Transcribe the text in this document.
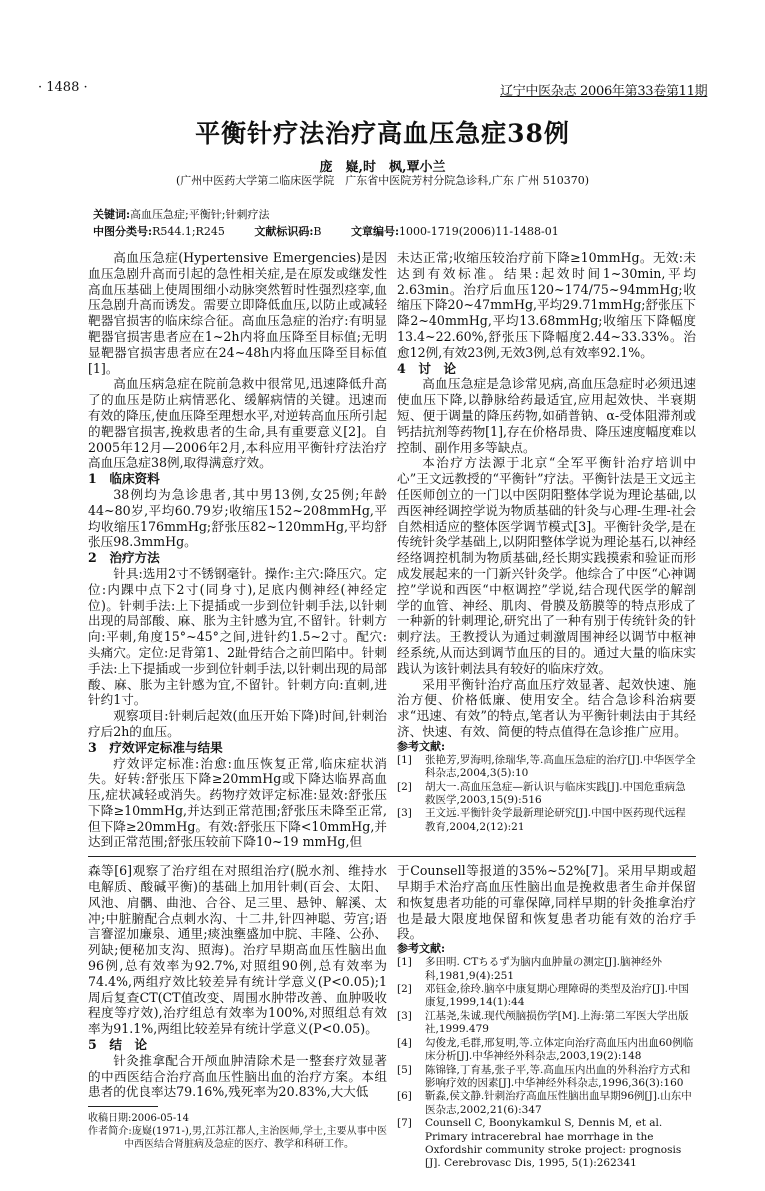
· 1488 ·	辽宁中医杂志 2006年第33卷第11期
平衡针疗法治疗高血压急症38例
庞　嶷,时　枫,覃小兰
(广州中医药大学第二临床医学院　广东省中医院芳村分院急诊科,广东 广州 510370)
关键词:高血压急症;平衡针;针刺疗法
中图分类号:R544.1;R245	文献标识码:B	文章编号:1000-1719(2006)11-1488-01

高血压急症(Hypertensive Emergencies)是因血压急剧升高而引起的急性相关症,是在原发或继发性高血压基础上使周围细小动脉突然暂时性强烈痉挛,血压急剧升高而诱发。需要立即降低血压,以防止或减轻靶器官损害的临床综合征。高血压急症的治疗:有明显靶器官损害患者应在1~2h内将血压降至目标值;无明显靶器官损害患者应在24~48h内将血压降至目标值[1]。

高血压病急症在院前急救中很常见,迅速降低升高了的血压是防止病情恶化、缓解病情的关键。迅速而有效的降压,使血压降至理想水平,对逆转高血压所引起的靶器官损害,挽救患者的生命,具有重要意义[2]。自2005年12月—2006年2月,本科应用平衡针疗法治疗高血压急症38例,取得满意疗效。

1　临床资料

38例均为急诊患者,其中男13例,女25例;年龄44~80岁,平均60.79岁;收缩压152~208mmHg,平均收缩压176mmHg;舒张压82~120mmHg,平均舒张压98.3mmHg。

2　治疗方法

针具:选用2寸不锈钢毫针。操作:主穴:降压穴。定位:内踝中点下2寸(同身寸),足底内侧神经(神经定位)。针刺手法:上下提插或一步到位针刺手法,以针刺出现的局部酸、麻、胀为主针感为宜,不留针。针刺方向:平刺,角度15°~45°之间,进针约1.5~2寸。配穴:头痛穴。定位:足背第1、2趾骨结合之前凹陷中。针刺手法:上下提插或一步到位针刺手法,以针刺出现的局部酸、麻、胀为主针感为宜,不留针。针刺方向:直刺,进针约1寸。

观察项目:针刺后起效(血压开始下降)时间,针刺治疗后2h的血压。

3　疗效评定标准与结果

疗效评定标准:治愈:血压恢复正常,临床症状消失。好转:舒张压下降≥20mmHg或下降达临界高血压,症状减轻或消失。药物疗效评定标准:显效:舒张压下降≥10mmHg,并达到正常范围;舒张压未降至正常,但下降≥20mmHg。有效:舒张压下降<10mmHg,并达到正常范围;舒张压较前下降10~19 mmHg,但

未达正常;收缩压较治疗前下降≥10mmHg。无效:未达到有效标准。结果:起效时间1~30min,平均2.63min。治疗后血压120~174/75~94mmHg;收缩压下降20~47mmHg,平均29.71mmHg;舒张压下降2~40mmHg,平均13.68mmHg;收缩压下降幅度13.4~22.60%,舒张压下降幅度2.44~33.33%。治愈12例,有效23例,无效3例,总有效率92.1%。

4　讨　论

高血压急症是急诊常见病,高血压急症时必须迅速使血压下降,以静脉给药最适宜,应用起效快、半衰期短、便于调量的降压药物,如硝普钠、α-受体阻滞剂或钙拮抗剂等药物[1],存在价格昂贵、降压速度幅度难以控制、副作用多等缺点。

本治疗方法源于北京“全军平衡针治疗培训中心”王文远教授的“平衡针”疗法。平衡针法是王文远主任医师创立的一门以中医阴阳整体学说为理论基础,以西医神经调控学说为物质基础的针灸与心理-生理-社会自然相适应的整体医学调节模式[3]。平衡针灸学,是在传统针灸学基础上,以阴阳整体学说为理论基石,以神经经络调控机制为物质基础,经长期实践摸索和验证而形成发展起来的一门新兴针灸学。他综合了中医“心神调控”学说和西医“中枢调控”学说,结合现代医学的解剖学的血管、神经、肌肉、骨膜及筋膜等的特点形成了一种新的针刺理论,研究出了一种有别于传统针灸的针刺疗法。王教授认为通过刺激周围神经以调节中枢神经系统,从而达到调节血压的目的。通过大量的临床实践认为该针刺法具有较好的临床疗效。

采用平衡针治疗高血压疗效显著、起效快速、施治方便、价格低廉、使用安全。结合急诊科治病要求“迅速、有效”的特点,笔者认为平衡针刺法由于其经济、快速、有效、简便的特点值得在急诊推广应用。

参考文献:

[1] 张艳芳,罗海明,徐瑞华,等.高血压急症的治疗[J].中华医学全科杂志,2004,3(5):10

[2] 胡大一.高血压急症—新认识与临床实践[J].中国危重病急救医学,2003,15(9):516

[3] 王文远.平衡针灸学最新理论研究[J].中国中医药现代远程教育,2004,2(12):21

森等[6]观察了治疗组在对照组治疗(脱水剂、维持水电解质、酸碱平衡)的基础上加用针刺(百会、太阳、风池、肩髃、曲池、合谷、足三里、悬钟、解溪、太冲;中脏腑配合点刺水沟、十二井,针四神聪、劳宫;语言謇涩加廉泉、通里;痰浊壅盛加中脘、丰隆、公孙、列缺;便秘加支沟、照海)。治疗早期高血压性脑出血96例,总有效率为92.7%,对照组90例,总有效率为74.4%,两组疗效比较差异有统计学意义(P<0.05);1周后复查CT(CT值改变、周围水肿带改善、血肿吸收程度等疗效),治疗组总有效率为100%,对照组总有效率为91.1%,两组比较差异有统计学意义(P<0.05)。

5　结　论

针灸推拿配合开颅血肿清除术是一整套疗效显著的中西医结合治疗高血压性脑出血的治疗方案。本组患者的优良率达79.16%,残死率为20.83%,大大低

收稿日期:2006-05-14
作者简介:庞嶷(1971-),男,江苏江都人,主治医师,学士,主要从事中医中西医结合肾脏病及急症的医疗、教学和科研工作。

于Counsell等报道的35%~52%[7]。采用早期或超早期手术治疗高血压性脑出血是挽救患者生命并保留和恢复患者功能的可靠保障,同样早期的针灸推拿治疗也是最大限度地保留和恢复患者功能有效的治疗手段。

参考文献:

[1] 多田明. CTちるず为脑内血肿量の测定[J].脑神经外科,1981,9(4):251

[2] 邓钰金,徐玲.脑卒中康复期心理障碍的类型及治疗[J].中国康复,1999,14(1):44

[3] 江基尧,朱诚.现代颅脑损伤学[M].上海:第二军医大学出版社,1999.479

[4] 勾俊龙,毛群,邢复明,等.立体定向治疗高血压内出血60例临床分析[J].中华神经外科杂志,2003,19(2):148

[5] 陈锦锋,丁育基,张子平,等.高血压内出血的外科治疗方式和影响疗效的因素[J].中华神经外科杂志,1996,36(3):160

[6] 靳淼,侯文静.针刺治疗高血压性脑出血早期96例[J].山东中医杂志,2002,21(6):347

[7] Counsell C, Boonykamkul S, Dennis M, et al. Primary intracerebral hae morrhage in the Oxfordshir community stroke project: prognosis [J]. Cerebrovasc Dis, 1995, 5(1):262341
